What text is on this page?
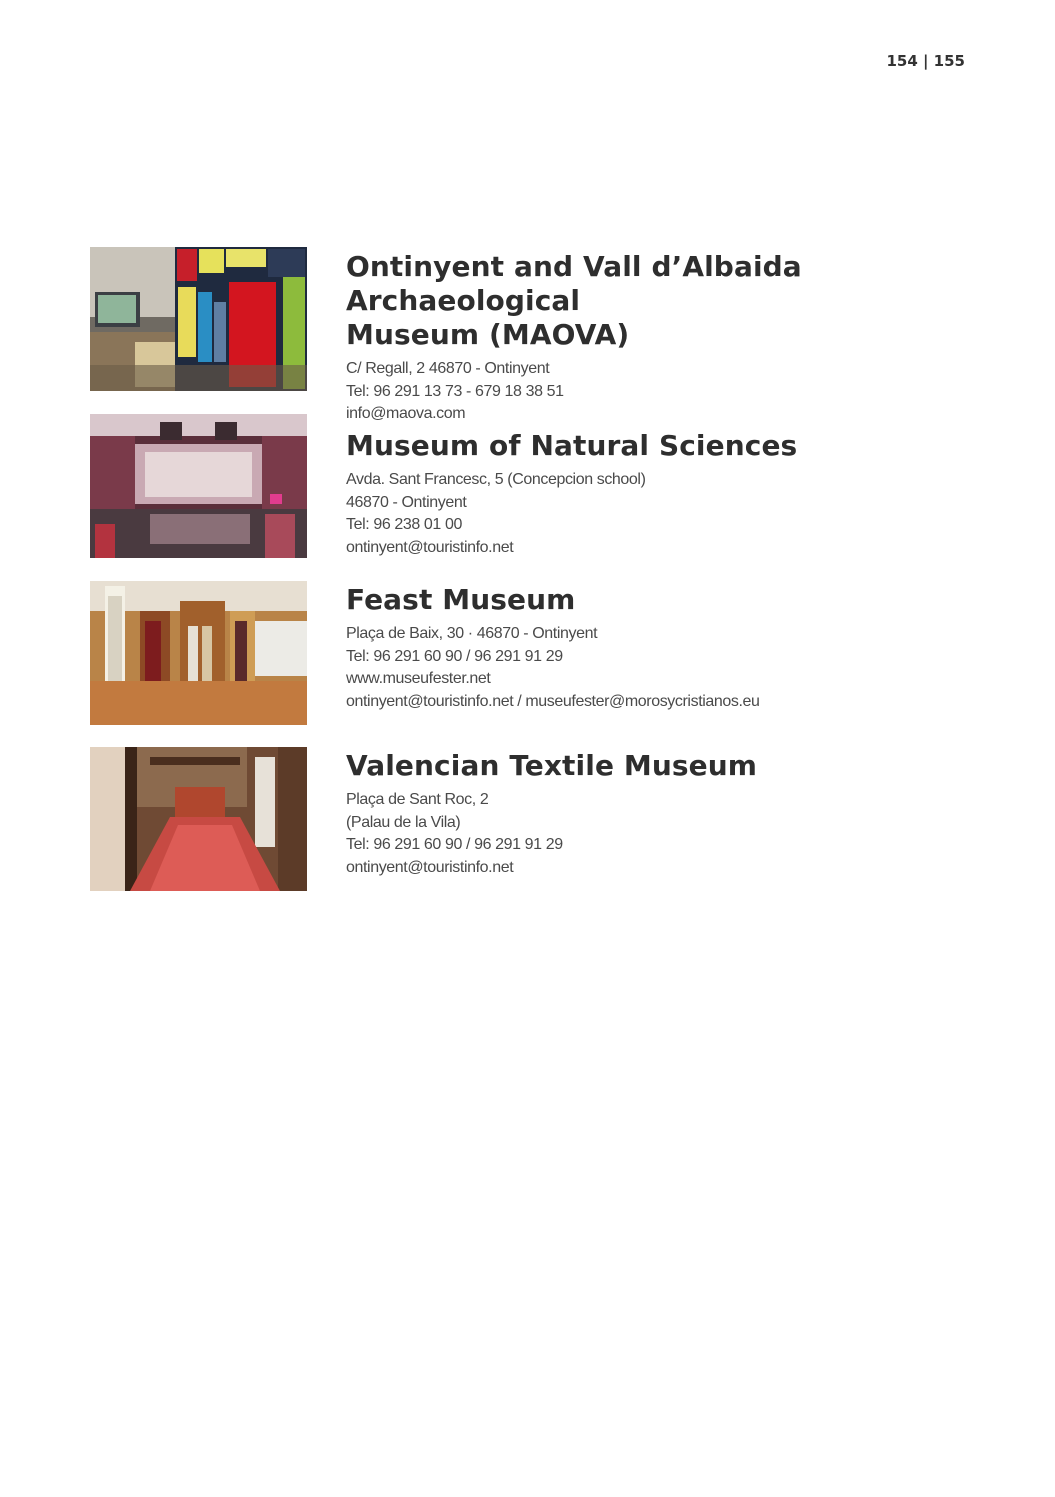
154 | 155
Ontinyent and Vall d’Albaida Archaeological
Museum (MAOVA)

C/ Regall, 2 46870 - Ontinyent

Tel: 96 291 13 73 - 679 18 38 51

info@maova.com

Museum of Natural Sciences

Avda. Sant Francesc, 5 (Concepcion school)

46870 - Ontinyent

Tel: 96 238 01 00

ontinyent@touristinfo.net

Feast Museum

Plaça de Baix, 30 · 46870 - Ontinyent

Tel: 96 291 60 90 / 96 291 91 29

www.museufester.net

ontinyent@touristinfo.net / museufester@morosycristianos.eu

Valencian Textile Museum

Plaça de Sant Roc, 2

(Palau de la Vila)

Tel: 96 291 60 90 / 96 291 91 29

ontinyent@touristinfo.net
